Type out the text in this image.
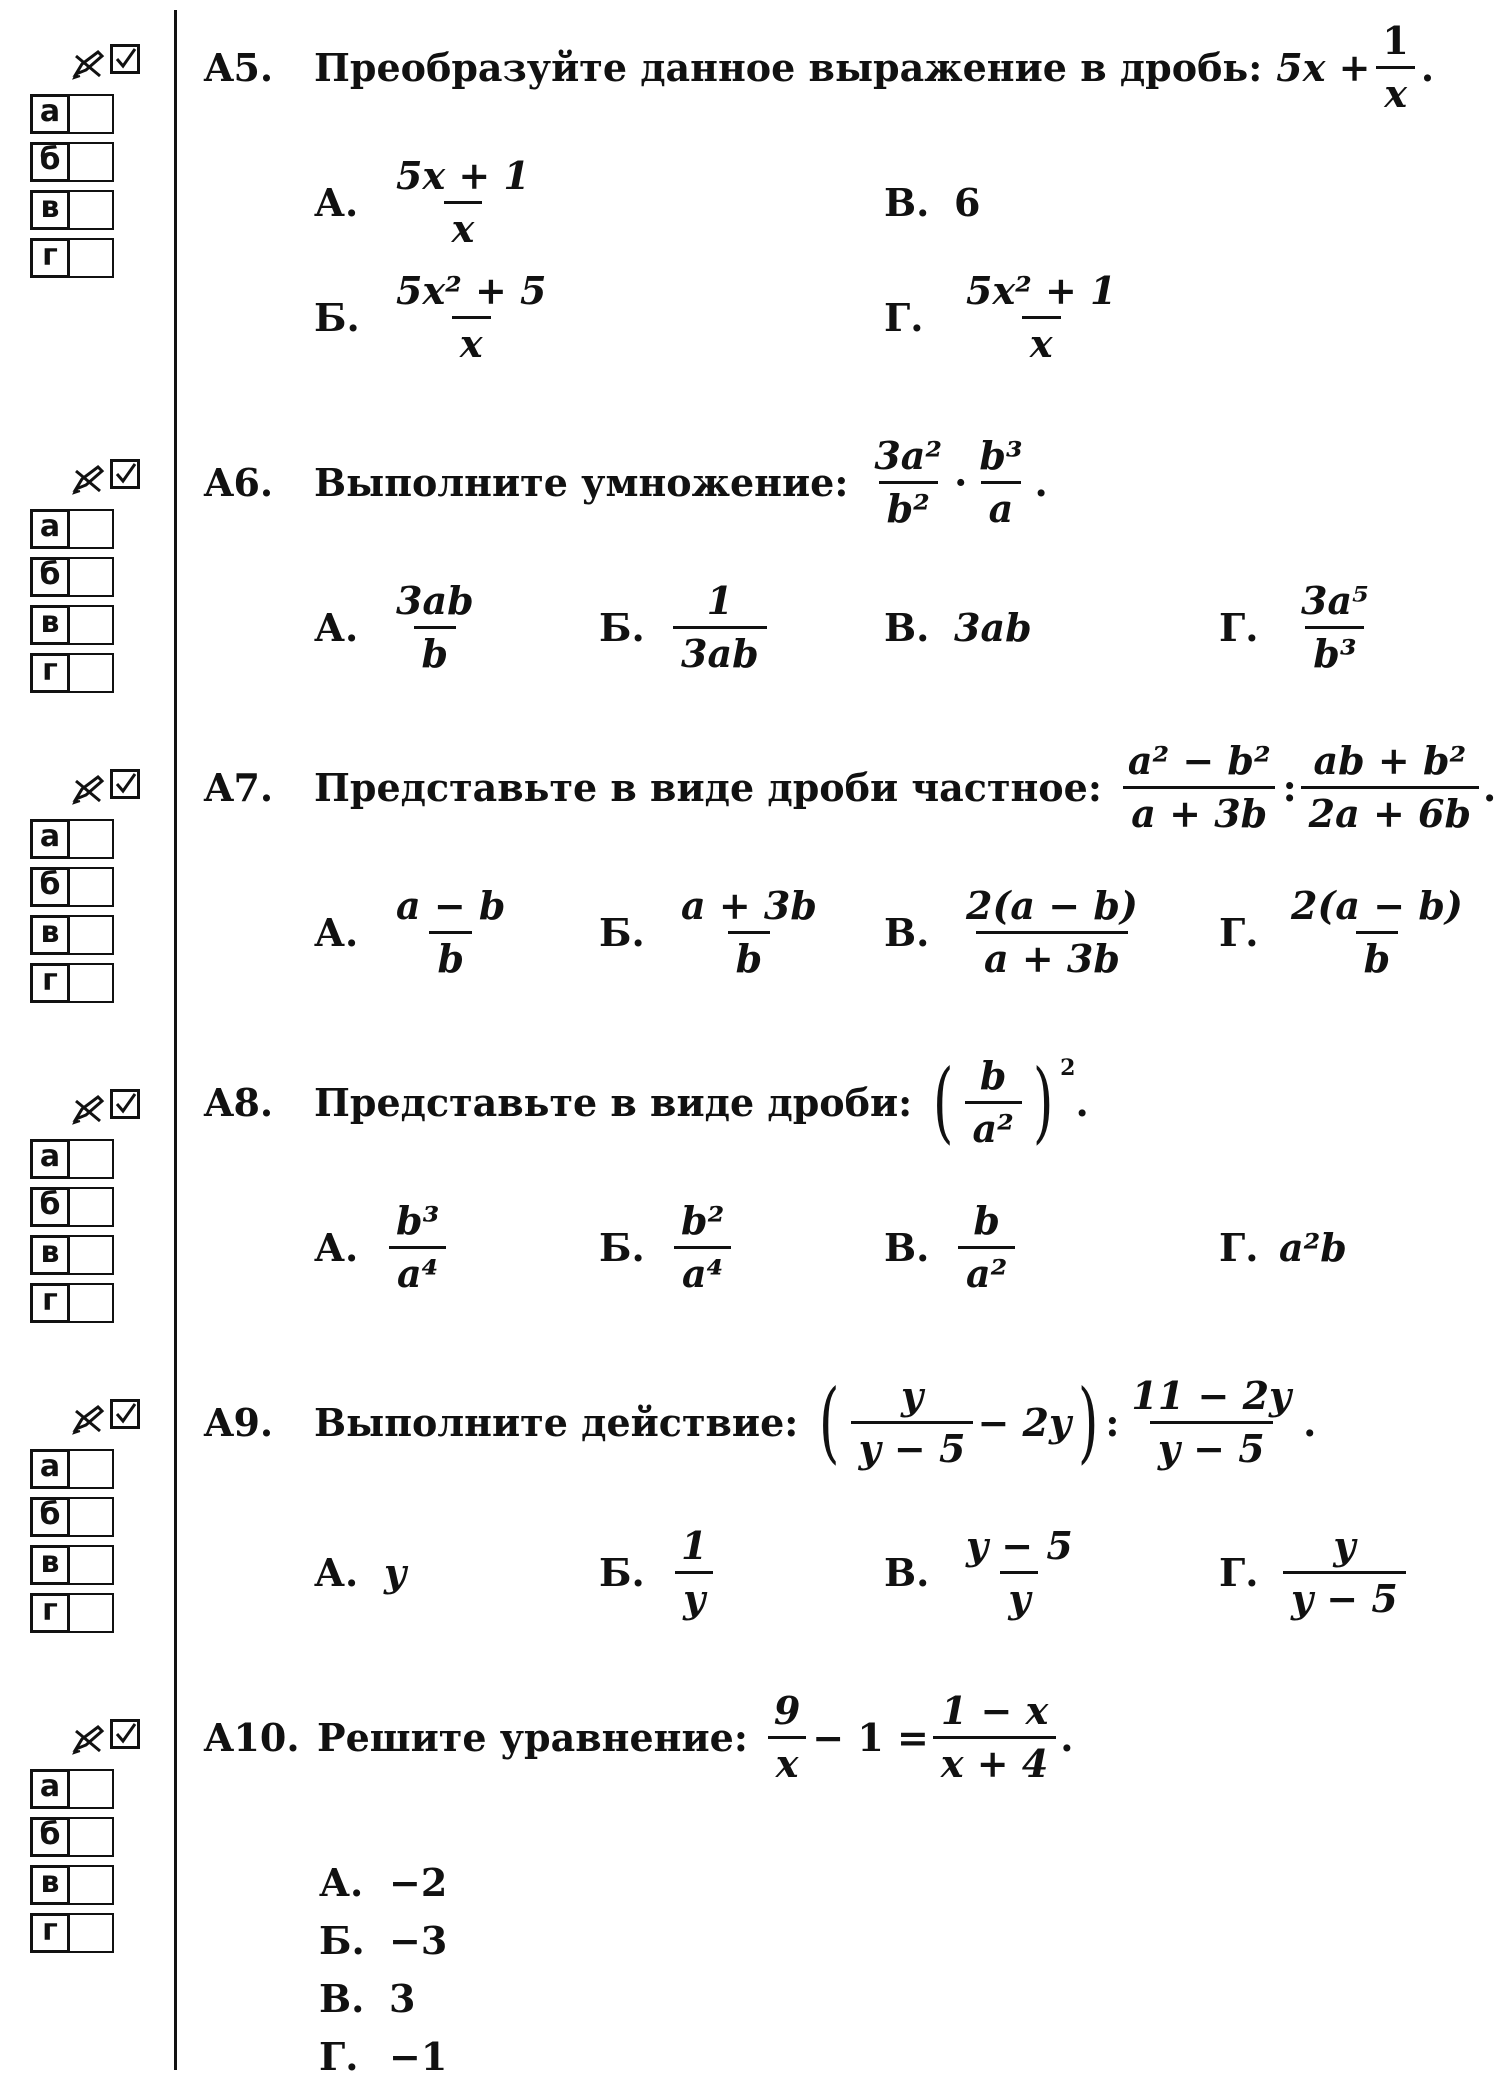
а
б
в
г
а
б
в
г
а
б
в
г
а
б
в
г
а
б
в
г
а
б
в
г
A5.	Преобразуйте данное выражение в дробь: $5x + \frac{1}{x}$ .
А. $\frac{5x + 1}{x}$	В. 6
Б. $\frac{\text{5x² + 5}}{x}$	Г. $\frac{\text{5x² + 1}}{x}$
A6.	Выполните умножение: $\frac{\text{3a²}}{\text{b²}} \cdot \frac{\text{b³}}{a}$ .
А. $\frac{3ab}{b}$	Б. $\frac{1}{3ab}$	В. 3ab	Г. $\frac{\text{3a⁵}}{\text{b³}}$
A7.	Представьте в виде дроби частное: $\frac{\text{a² − b²}}{a + 3b}$ : $\frac{\text{ab + b²}}{2a + 6b}$ .
А. $\frac{a - b}{b} Б$. $\frac{a + 3b}{b} В$. $\frac{2(a - b)}{a + 3b} Г$. $\frac{2(a - b)}{b}$
A8.	Представьте в виде дроби: ( $\frac{b}{\text{a²}}$ ) $^2$
.
А. $\frac{\text{b³}}{\text{a⁴}}$	Б. $\frac{\text{b²}}{\text{a⁴}}$	В. $\frac{b}{\text{a²}}$	Г. a²b
A9.	Выполните действие: ( $\frac{y}{y - 5} - 2y$ ) : $\frac{11 - 2y}{y - 5}$ .
А. y	Б. $\frac{1}{y}$	В. $\frac{y - 5}{y}$	Г. $\frac{y}{y - 5}$
A10. Решите уравнение: $\frac{9}{x} - 1 = \frac{1 - x}{x + 4}$ .
А. −2
Б. −3
В. 3
Г. −1
